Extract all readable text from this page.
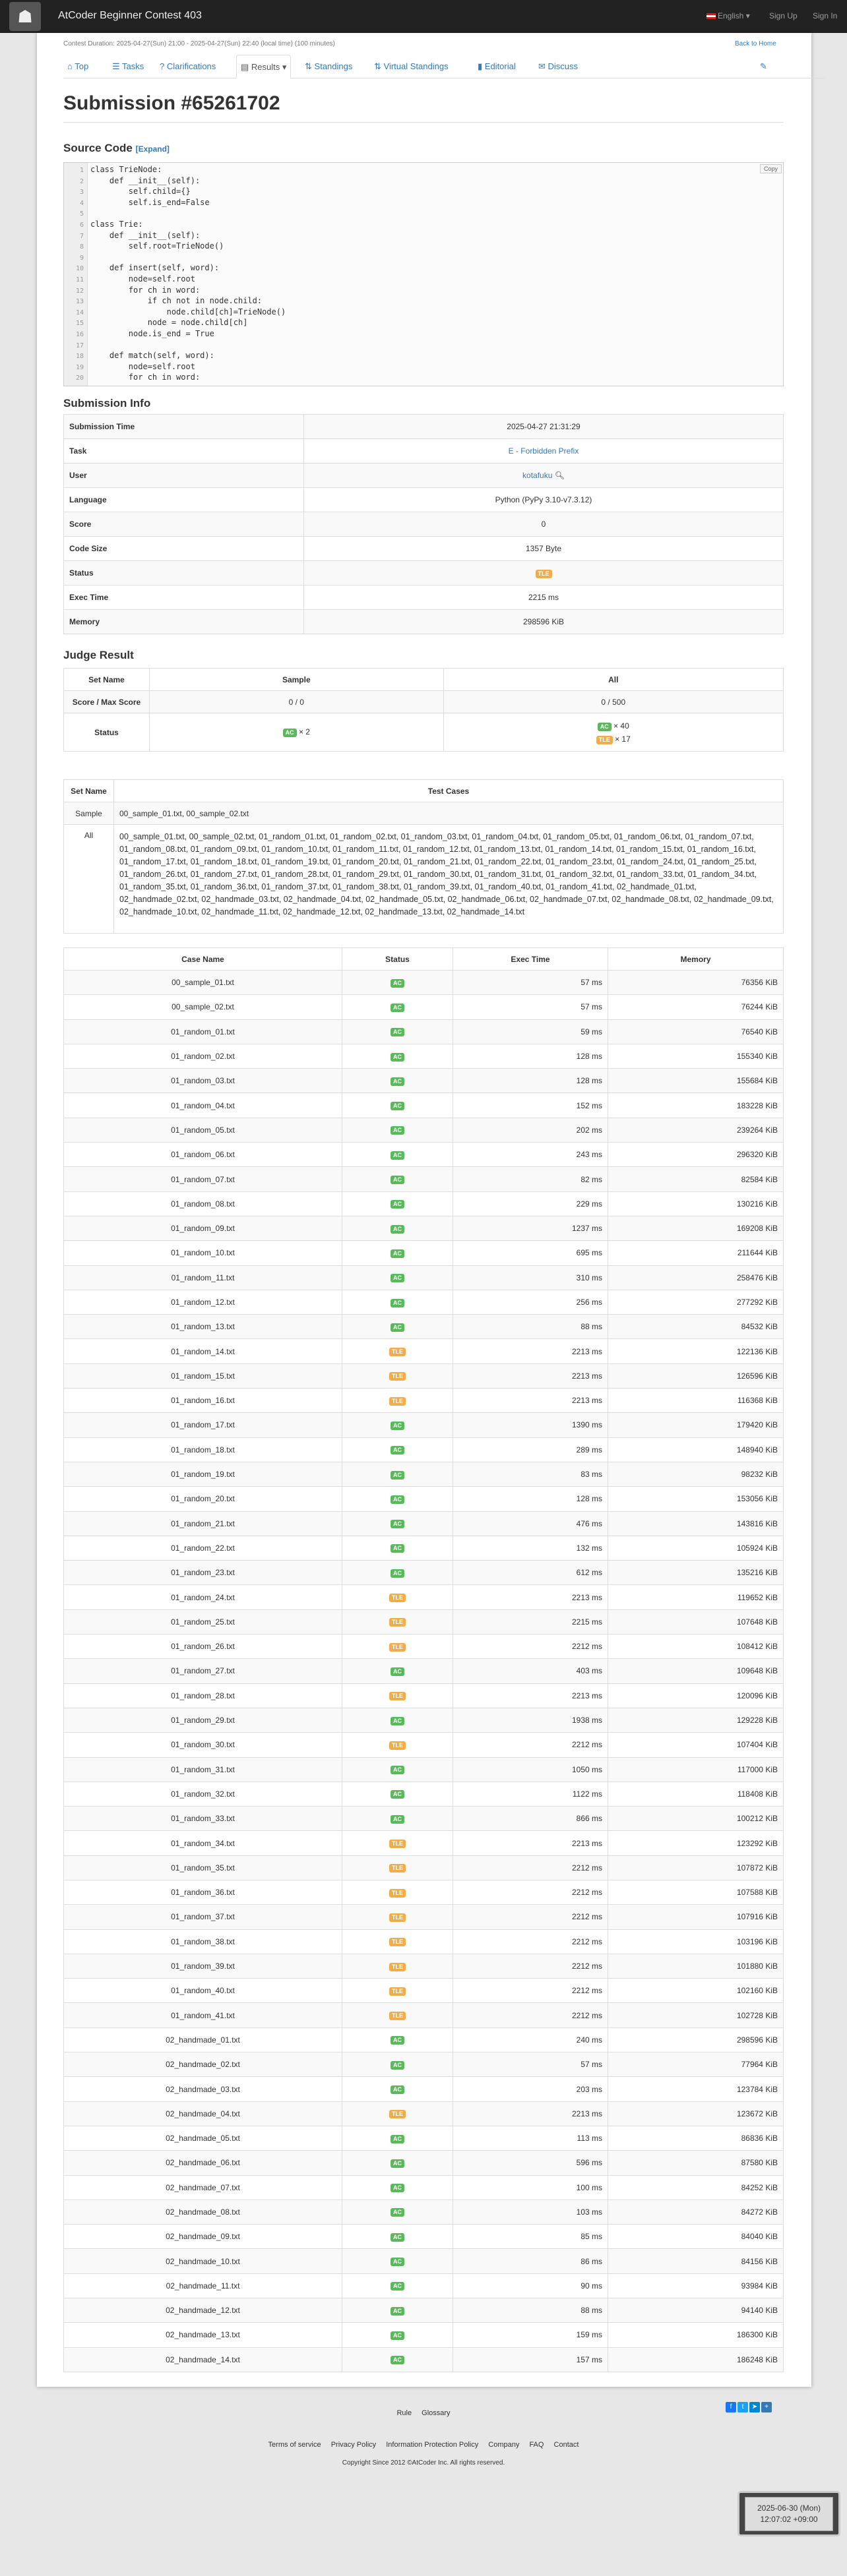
☗	AtCoder Beginner Contest 403	English ▾ Sign Up Sign In
Contest Duration: 2025-04-27(Sun) 21:00 - 2025-04-27(Sun) 22:40 (local time) (100 minutes)	Back to Home
⌂ Top	☰ Tasks	? Clarifications	▤ Results ▾	⇅ Standings	⇅ Virtual Standings	▮ Editorial	✉ Discuss	✎
Submission #65261702
Source Code [Expand]
1 class TrieNode:
2    def __init__(self):
3        self.child={}
4        self.is_end=False
5
6 class Trie:
7    def __init__(self):
8        self.root=TrieNode()
9
10    def insert(self, word):
11        node=self.root
12        for ch in word:
13            if ch not in node.child:
14                node.child[ch]=TrieNode()
15            node = node.child[ch]
16        node.is_end = True
17
18    def match(self, word):
19        node=self.root
20        for ch in word:
Copy
Submission Info
Submission Time	2025-04-27 21:31:29
Task	E - Forbidden Prefix
User	kotafuku 🔍︎
Language	Python (PyPy 3.10-v7.3.12)
Score	0
Code Size	1357 Byte
Status	TLE
Exec Time	2215 ms
Memory	298596 KiB
Judge Result
Set Name	Sample	All
Score / Max Score	0 / 0	0 / 500
Status	AC × 2	AC × 40
TLE × 17
Set Name	Test Cases
Sample	00_sample_01.txt, 00_sample_02.txt
All	00_sample_01.txt, 00_sample_02.txt, 01_random_01.txt, 01_random_02.txt, 01_random_03.txt, 01_random_04.txt, 01_random_05.txt, 01_random_06.txt, 01_random_07.txt, 01_random_08.txt, 01_random_09.txt, 01_random_10.txt, 01_random_11.txt, 01_random_12.txt, 01_random_13.txt, 01_random_14.txt, 01_random_15.txt, 01_random_16.txt, 01_random_17.txt, 01_random_18.txt, 01_random_19.txt, 01_random_20.txt, 01_random_21.txt, 01_random_22.txt, 01_random_23.txt, 01_random_24.txt, 01_random_25.txt, 01_random_26.txt, 01_random_27.txt, 01_random_28.txt, 01_random_29.txt, 01_random_30.txt, 01_random_31.txt, 01_random_32.txt, 01_random_33.txt, 01_random_34.txt, 01_random_35.txt, 01_random_36.txt, 01_random_37.txt, 01_random_38.txt, 01_random_39.txt, 01_random_40.txt, 01_random_41.txt, 02_handmade_01.txt, 02_handmade_02.txt, 02_handmade_03.txt, 02_handmade_04.txt, 02_handmade_05.txt, 02_handmade_06.txt, 02_handmade_07.txt, 02_handmade_08.txt, 02_handmade_09.txt, 02_handmade_10.txt, 02_handmade_11.txt, 02_handmade_12.txt, 02_handmade_13.txt, 02_handmade_14.txt
Case Name	Status	Exec Time	Memory
00_sample_01.txt	AC	57 ms	76356 KiB
00_sample_02.txt	AC	57 ms	76244 KiB
01_random_01.txt	AC	59 ms	76540 KiB
01_random_02.txt	AC	128 ms	155340 KiB
01_random_03.txt	AC	128 ms	155684 KiB
01_random_04.txt	AC	152 ms	183228 KiB
01_random_05.txt	AC	202 ms	239264 KiB
01_random_06.txt	AC	243 ms	296320 KiB
01_random_07.txt	AC	82 ms	82584 KiB
01_random_08.txt	AC	229 ms	130216 KiB
01_random_09.txt	AC	1237 ms	169208 KiB
01_random_10.txt	AC	695 ms	211644 KiB
01_random_11.txt	AC	310 ms	258476 KiB
01_random_12.txt	AC	256 ms	277292 KiB
01_random_13.txt	AC	88 ms	84532 KiB
01_random_14.txt	TLE	2213 ms	122136 KiB
01_random_15.txt	TLE	2213 ms	126596 KiB
01_random_16.txt	TLE	2213 ms	116368 KiB
01_random_17.txt	AC	1390 ms	179420 KiB
01_random_18.txt	AC	289 ms	148940 KiB
01_random_19.txt	AC	83 ms	98232 KiB
01_random_20.txt	AC	128 ms	153056 KiB
01_random_21.txt	AC	476 ms	143816 KiB
01_random_22.txt	AC	132 ms	105924 KiB
01_random_23.txt	AC	612 ms	135216 KiB
01_random_24.txt	TLE	2213 ms	119652 KiB
01_random_25.txt	TLE	2215 ms	107648 KiB
01_random_26.txt	TLE	2212 ms	108412 KiB
01_random_27.txt	AC	403 ms	109648 KiB
01_random_28.txt	TLE	2213 ms	120096 KiB
01_random_29.txt	AC	1938 ms	129228 KiB
01_random_30.txt	TLE	2212 ms	107404 KiB
01_random_31.txt	AC	1050 ms	117000 KiB
01_random_32.txt	AC	1122 ms	118408 KiB
01_random_33.txt	AC	866 ms	100212 KiB
01_random_34.txt	TLE	2213 ms	123292 KiB
01_random_35.txt	TLE	2212 ms	107872 KiB
01_random_36.txt	TLE	2212 ms	107588 KiB
01_random_37.txt	TLE	2212 ms	107916 KiB
01_random_38.txt	TLE	2212 ms	103196 KiB
01_random_39.txt	TLE	2212 ms	101880 KiB
01_random_40.txt	TLE	2212 ms	102160 KiB
01_random_41.txt	TLE	2212 ms	102728 KiB
02_handmade_01.txt	AC	240 ms	298596 KiB
02_handmade_02.txt	AC	57 ms	77964 KiB
02_handmade_03.txt	AC	203 ms	123784 KiB
02_handmade_04.txt	TLE	2213 ms	123672 KiB
02_handmade_05.txt	AC	113 ms	86836 KiB
02_handmade_06.txt	AC	596 ms	87580 KiB
02_handmade_07.txt	AC	100 ms	84252 KiB
02_handmade_08.txt	AC	103 ms	84272 KiB
02_handmade_09.txt	AC	85 ms	84040 KiB
02_handmade_10.txt	AC	86 ms	84156 KiB
02_handmade_11.txt	AC	90 ms	93984 KiB
02_handmade_12.txt	AC	88 ms	94140 KiB
02_handmade_13.txt	AC	159 ms	186300 KiB
02_handmade_14.txt	AC	157 ms	186248 KiB
f	t	➤	+
Rule Glossary
Terms of service Privacy Policy Information Protection Policy Company FAQ Contact
Copyright Since 2012 ©AtCoder Inc. All rights reserved.
2025-06-30 (Mon)
12:07:02 +09:00
